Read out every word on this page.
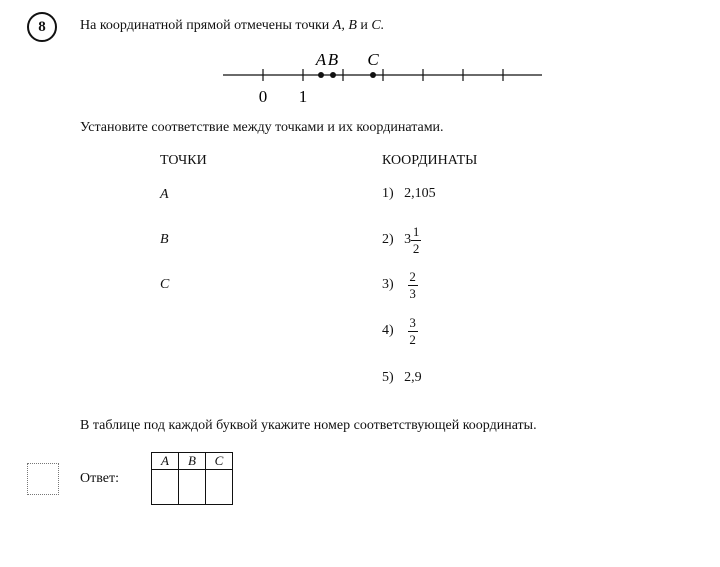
8	На координатной прямой отмечены точки A, B и C.
A B C
0 1
Установите соответствие между точками и их координатами.
ТОЧКИ	КООРДИНАТЫ
A
B
C
1) 2,105
2)
$3 \frac{1}{2}$
3)
$\frac{2}{3}$
4)
$\frac{3}{2}$
5) 2,9
В таблице под каждой буквой укажите номер соответствующей координаты.
Ответ:
A	B	C
